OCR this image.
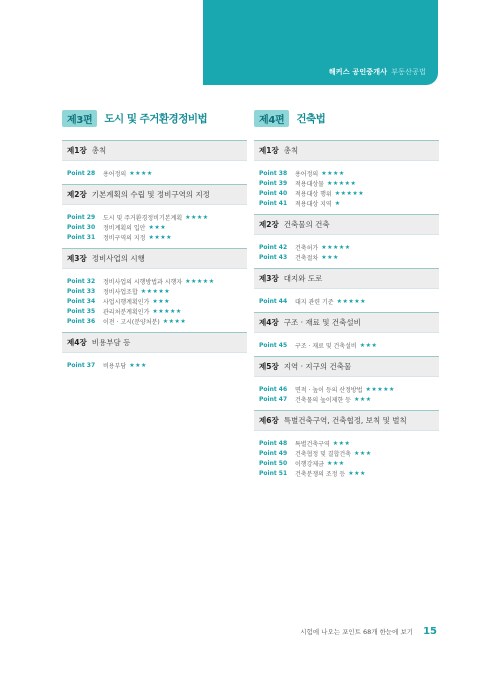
해커스 공인중개사 부동산공법
제3편	도시 및 주거환경정비법
제1장 총칙
Point 28	용어정의 ★★★★
제2장 기본계획의 수립 및 정비구역의 지정
Point 29	도시 및 주거환경정비기본계획 ★★★★
Point 30	정비계획의 입안 ★★★
Point 31	정비구역의 지정 ★★★★
제3장 정비사업의 시행
Point 32	정비사업의 시행방법과 시행자 ★★★★★
Point 33	정비사업조합 ★★★★★
Point 34	사업시행계획인가 ★★★
Point 35	관리처분계획인가 ★★★★★
Point 36	이전 · 고시(분양처분) ★★★★
제4장 비용부담 등
Point 37	비용부담 ★★★
제4편	건축법
제1장 총칙
Point 38	용어정의 ★★★★
Point 39	적용대상물 ★★★★★
Point 40	적용대상 행위 ★★★★★
Point 41	적용대상 지역 ★
제2장 건축물의 건축
Point 42	건축허가 ★★★★★
Point 43	건축절차 ★★★
제3장 대지와 도로
Point 44	대지 관련 기준 ★★★★★
제4장 구조 · 재료 및 건축설비
Point 45	구조 · 재료 및 건축설비 ★★★
제5장 지역 · 지구의 건축물
Point 46	면적 · 높이 등의 산정방법 ★★★★★
Point 47	건축물의 높이제한 등 ★★★
제6장 특별건축구역, 건축협정, 보칙 및 벌칙
Point 48	특별건축구역 ★★★
Point 49	건축협정 및 결합건축 ★★★
Point 50	이행강제금 ★★★
Point 51	건축분쟁의 조정 등 ★★★
시험에 나오는 포인트 68개 한눈에 보기 15
